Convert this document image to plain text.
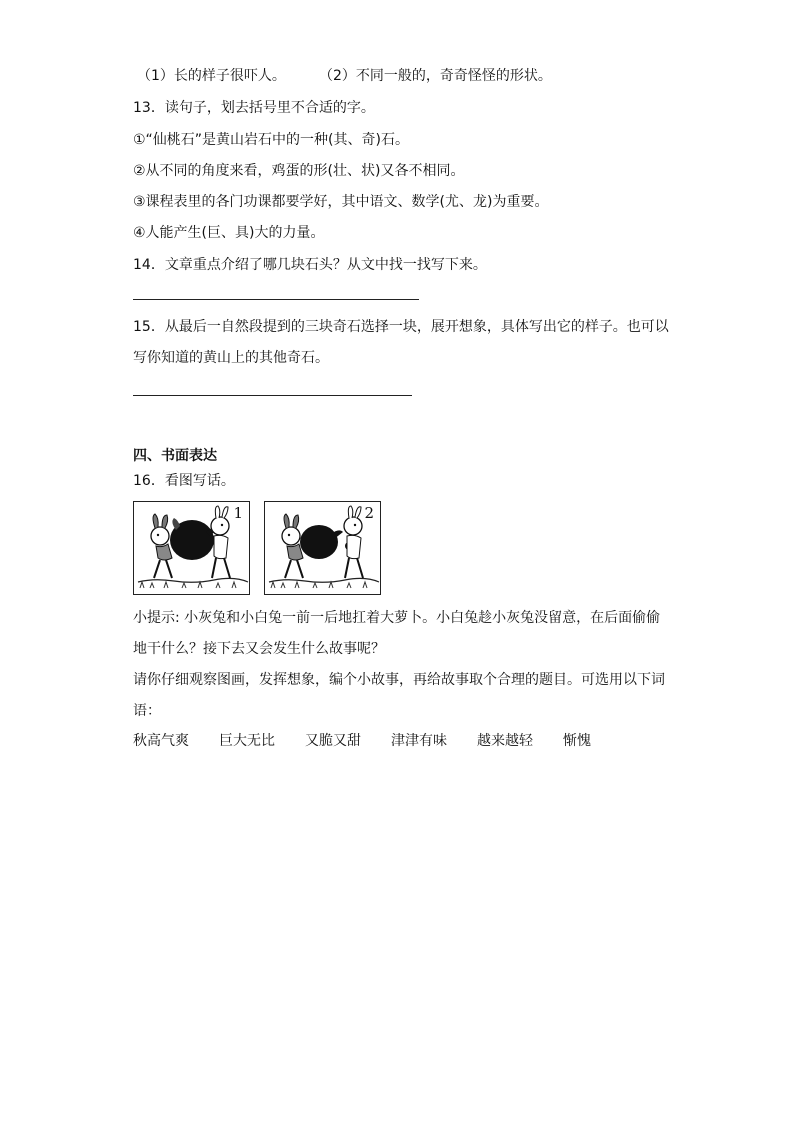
（1）长的样子很吓人。 （2）不同一般的，奇奇怪怪的形状。
13．读句子，划去括号里不合适的字。
①“仙桃石”是黄山岩石中的一种(其、奇)石。
②从不同的角度来看，鸡蛋的形(壮、状)又各不相同。
③课程表里的各门功课都要学好，其中语文、数学(尤、龙)为重要。
④人能产生(巨、具)大的力量。
14．文章重点介绍了哪几块石头？从文中找一找写下来。
15．从最后一自然段提到的三块奇石选择一块，展开想象，具体写出它的样子。也可以
写你知道的黄山上的其他奇石。
四、书面表达
16．看图写话。
1	2
小提示: 小灰兔和小白兔一前一后地扛着大萝卜。小白兔趁小灰兔没留意，在后面偷偷
地干什么？接下去又会发生什么故事呢？
请你仔细观察图画，发挥想象，编个小故事，再给故事取个合理的题目。可选用以下词
语：
秋高气爽 巨大无比 又脆又甜 津津有味 越来越轻 惭愧
